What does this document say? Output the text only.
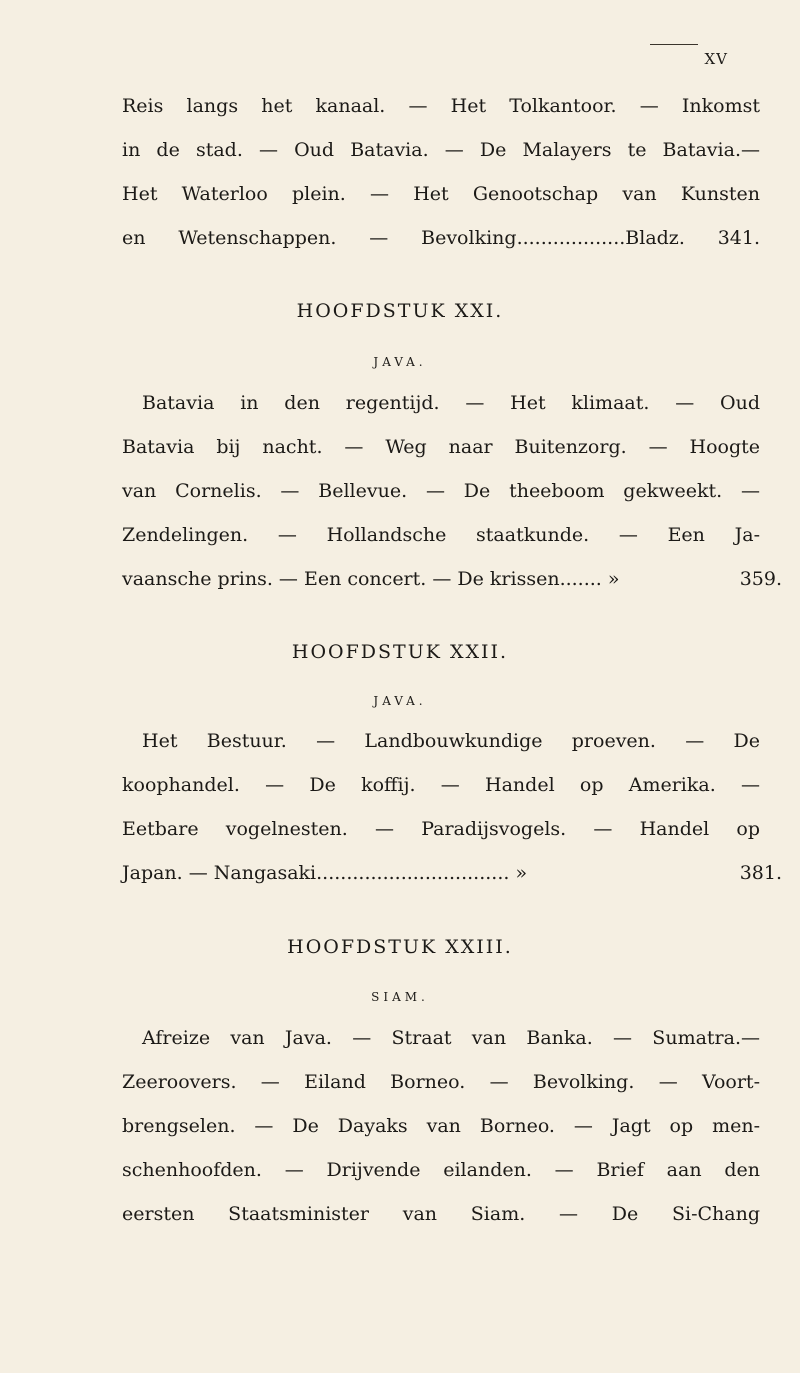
XV
Reis langs het kanaal. — Het Tolkantoor. — Inkomst
in de stad. — Oud Batavia. — De Malayers te Batavia.—
Het Waterloo plein. — Het Genootschap van Kunsten
en Wetenschappen. — Bevolking..................Bladz. 341.
HOOFDSTUK XXI.
JAVA.
Batavia in den regentijd. — Het klimaat. — Oud
Batavia bij nacht. — Weg naar Buitenzorg. — Hoogte
van Cornelis. — Bellevue. — De theeboom gekweekt. —
Zendelingen. — Hollandsche staatkunde. — Een Ja-
vaansche prins. — Een concert. — De krissen....... »	359.
HOOFDSTUK XXII.
JAVA.
Het Bestuur. — Landbouwkundige proeven. — De
koophandel. — De koffij. — Handel op Amerika. —
Eetbare vogelnesten. — Paradijsvogels. — Handel op
Japan. — Nangasaki................................ »	381.
HOOFDSTUK XXIII.
SIAM.
Afreize van Java. — Straat van Banka. — Sumatra.—
Zeeroovers. — Eiland Borneo. — Bevolking. — Voort-
brengselen. — De Dayaks van Borneo. — Jagt op men-
schenhoofden. — Drijvende eilanden. — Brief aan den
eersten Staatsminister van Siam. — De Si-Chang
